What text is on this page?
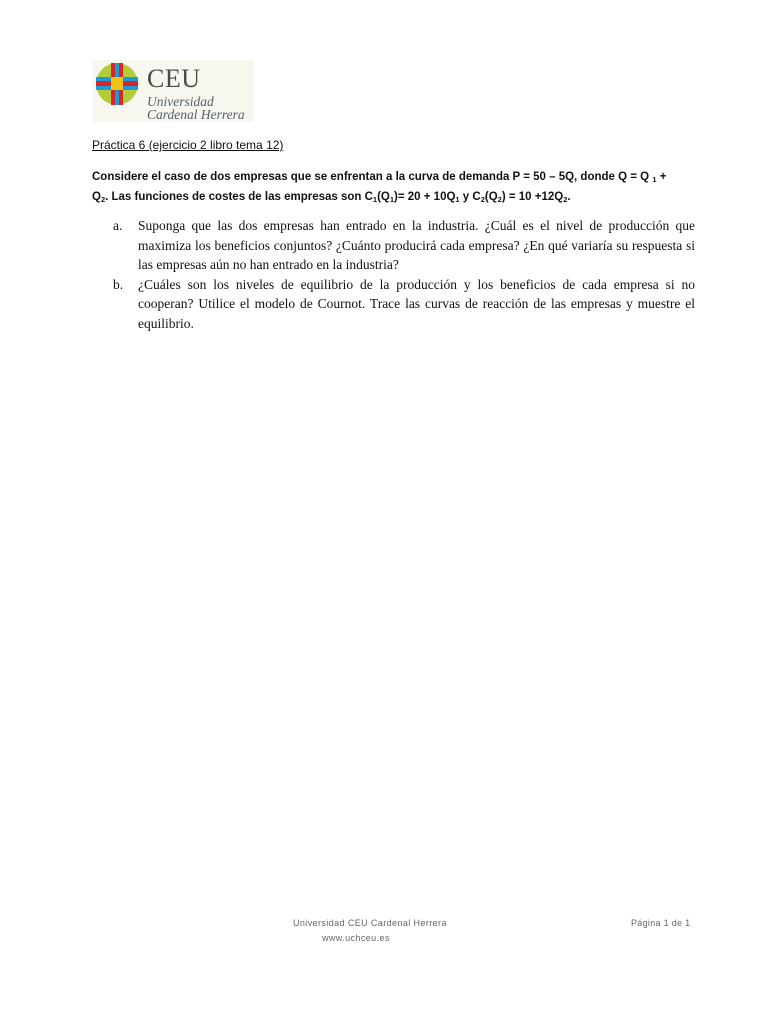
CEU
Universidad
Cardenal Herrera
Práctica 6 (ejercicio 2 libro tema 12)
Considere el caso de dos empresas que se enfrentan a la curva de demanda P = 50 – 5Q, donde Q = Q $_1$ +
$Q_2$. Las funciones de costes de las empresas son $C_1(Q_1)= 20 + 10Q_1$ y $C_2(Q_2) = 10 +12Q_2$.
a. Suponga que las dos empresas han entrado en la industria. ¿Cuál es el nivel de producción que maximiza los beneficios conjuntos? ¿Cuánto producirá cada empresa? ¿En qué variaría su respuesta si las empresas aún no han entrado en la industria?
b. ¿Cuáles son los niveles de equilibrio de la producción y los beneficios de cada empresa si no cooperan? Utilice el modelo de Cournot. Trace las curvas de reacción de las empresas y muestre el equilibrio.
Universidad CEU Cardenal Herrera
www.uchceu.es
Página 1 de 1
